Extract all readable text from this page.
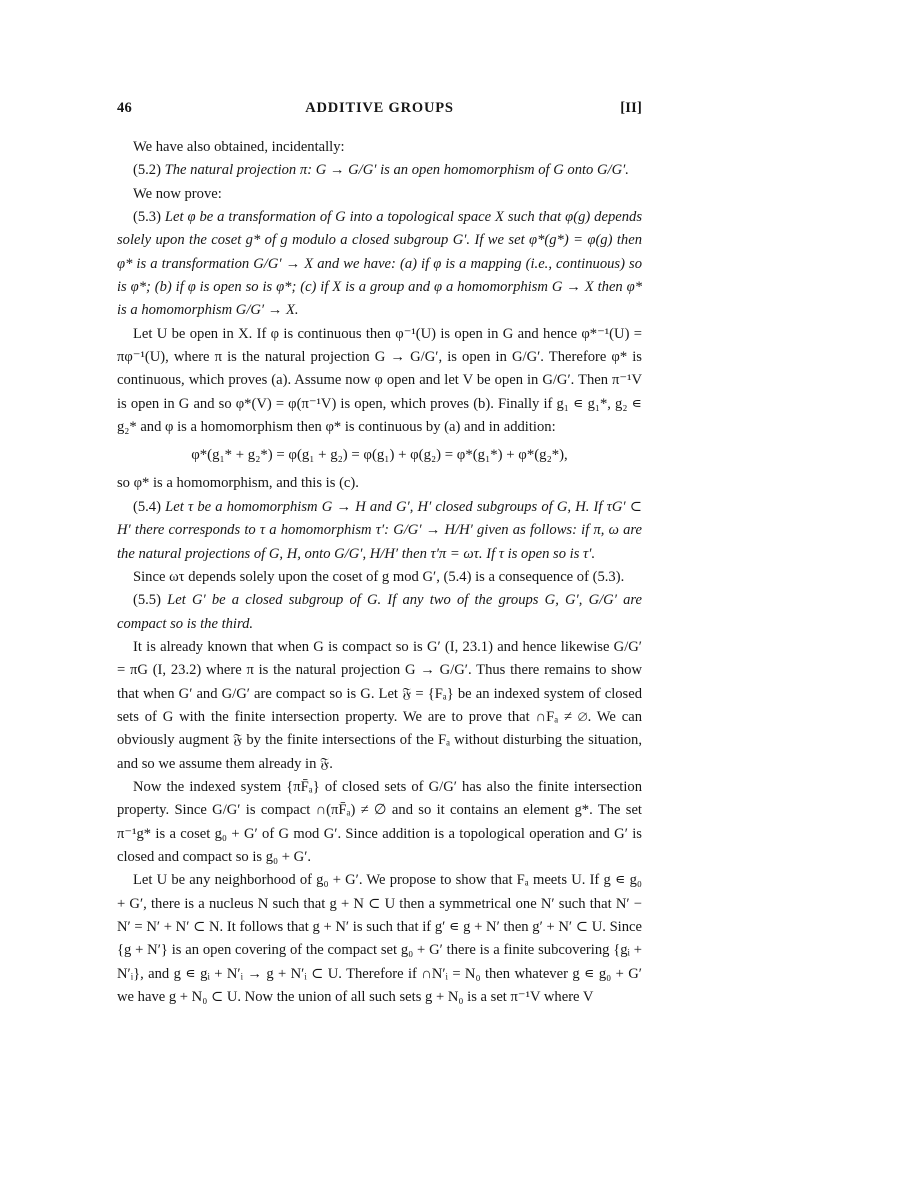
46	ADDITIVE GROUPS	[II]

We have also obtained, incidentally:

(5.2) The natural projection π: G → G/G′ is an open homomorphism of G onto G/G′.

We now prove:

(5.3) Let φ be a transformation of G into a topological space X such that φ(g) depends solely upon the coset g* of g modulo a closed subgroup G′. If we set φ*(g*) = φ(g) then φ* is a transformation G/G′ → X and we have: (a) if φ is a mapping (i.e., continuous) so is φ*; (b) if φ is open so is φ*; (c) if X is a group and φ a homomorphism G → X then φ* is a homomorphism G/G′ → X.

Let U be open in X. If φ is continuous then φ⁻¹(U) is open in G and hence φ*⁻¹(U) = πφ⁻¹(U), where π is the natural projection G → G/G′, is open in G/G′. Therefore φ* is continuous, which proves (a). Assume now φ open and let V be open in G/G′. Then π⁻¹V is open in G and so φ*(V) = φ(π⁻¹V) is open, which proves (b). Finally if g₁ ∊ g₁*, g₂ ∊ g₂* and φ is a homomorphism then φ* is continuous by (a) and in addition:

φ*(g₁* + g₂*) = φ(g₁ + g₂) = φ(g₁) + φ(g₂) = φ*(g₁*) + φ*(g₂*),

so φ* is a homomorphism, and this is (c).

(5.4) Let τ be a homomorphism G → H and G′, H′ closed subgroups of G, H. If τG′ ⊂ H′ there corresponds to τ a homomorphism τ′: G/G′ → H/H′ given as follows: if π, ω are the natural projections of G, H, onto G/G′, H/H′ then τ′π = ωτ. If τ is open so is τ′.

Since ωτ depends solely upon the coset of g mod G′, (5.4) is a consequence of (5.3).

(5.5) Let G′ be a closed subgroup of G. If any two of the groups G, G′, G/G′ are compact so is the third.

It is already known that when G is compact so is G′ (I, 23.1) and hence likewise G/G′ = πG (I, 23.2) where π is the natural projection G → G/G′. Thus there remains to show that when G′ and G/G′ are compact so is G. Let 𝔉 = {Fₐ} be an indexed system of closed sets of G with the finite intersection property. We are to prove that ∩Fₐ ≠ ∅. We can obviously augment 𝔉 by the finite intersections of the Fₐ without disturbing the situation, and so we assume them already in 𝔉.

Now the indexed system {πF̄ₐ} of closed sets of G/G′ has also the finite intersection property. Since G/G′ is compact ∩(πF̄ₐ) ≠ ∅ and so it contains an element g*. The set π⁻¹g* is a coset g₀ + G′ of G mod G′. Since addition is a topological operation and G′ is closed and compact so is g₀ + G′.

Let U be any neighborhood of g₀ + G′. We propose to show that Fₐ meets U. If g ∊ g₀ + G′, there is a nucleus N such that g + N ⊂ U then a symmetrical one N′ such that N′ − N′ = N′ + N′ ⊂ N. It follows that g + N′ is such that if g′ ∊ g + N′ then g′ + N′ ⊂ U. Since {g + N′} is an open covering of the compact set g₀ + G′ there is a finite subcovering {gᵢ + N′ᵢ}, and g ∊ gᵢ + N′ᵢ → g + N′ᵢ ⊂ U. Therefore if ∩N′ᵢ = N₀ then whatever g ∊ g₀ + G′ we have g + N₀ ⊂ U. Now the union of all such sets g + N₀ is a set π⁻¹V where V
